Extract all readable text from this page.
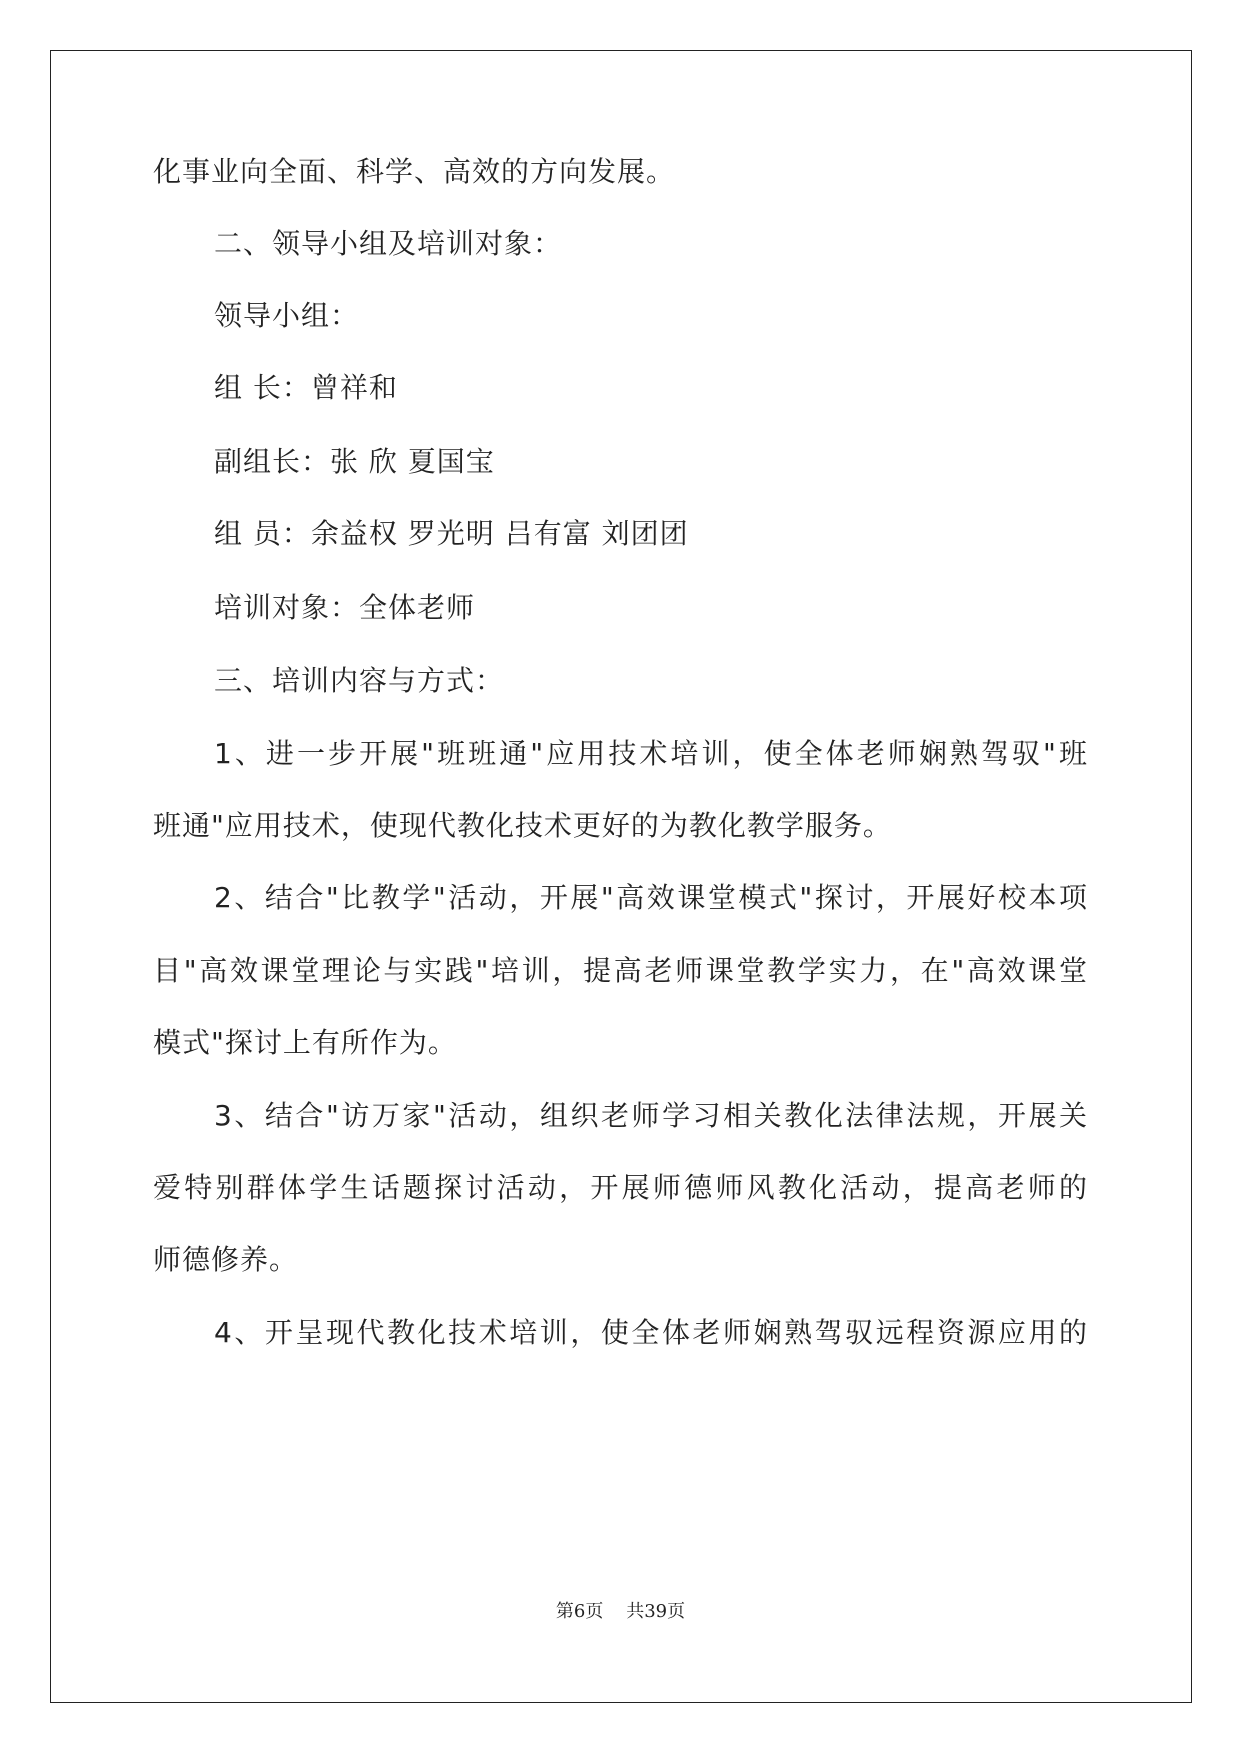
化事业向全面、科学、高效的方向发展。
二、领导小组及培训对象：
领导小组：
组 长：曾祥和
副组长：张 欣 夏国宝
组 员：余益权 罗光明 吕有富 刘团团
培训对象：全体老师
三、培训内容与方式：
1、进一步开展"班班通"应用技术培训，使全体老师娴熟驾驭"班
班通"应用技术，使现代教化技术更好的为教化教学服务。
2、结合"比教学"活动，开展"高效课堂模式"探讨，开展好校本项
目"高效课堂理论与实践"培训，提高老师课堂教学实力，在"高效课堂
模式"探讨上有所作为。
3、结合"访万家"活动，组织老师学习相关教化法律法规，开展关
爱特别群体学生话题探讨活动，开展师德师风教化活动，提高老师的
师德修养。
4、开呈现代教化技术培训，使全体老师娴熟驾驭远程资源应用的
第6页    共39页
